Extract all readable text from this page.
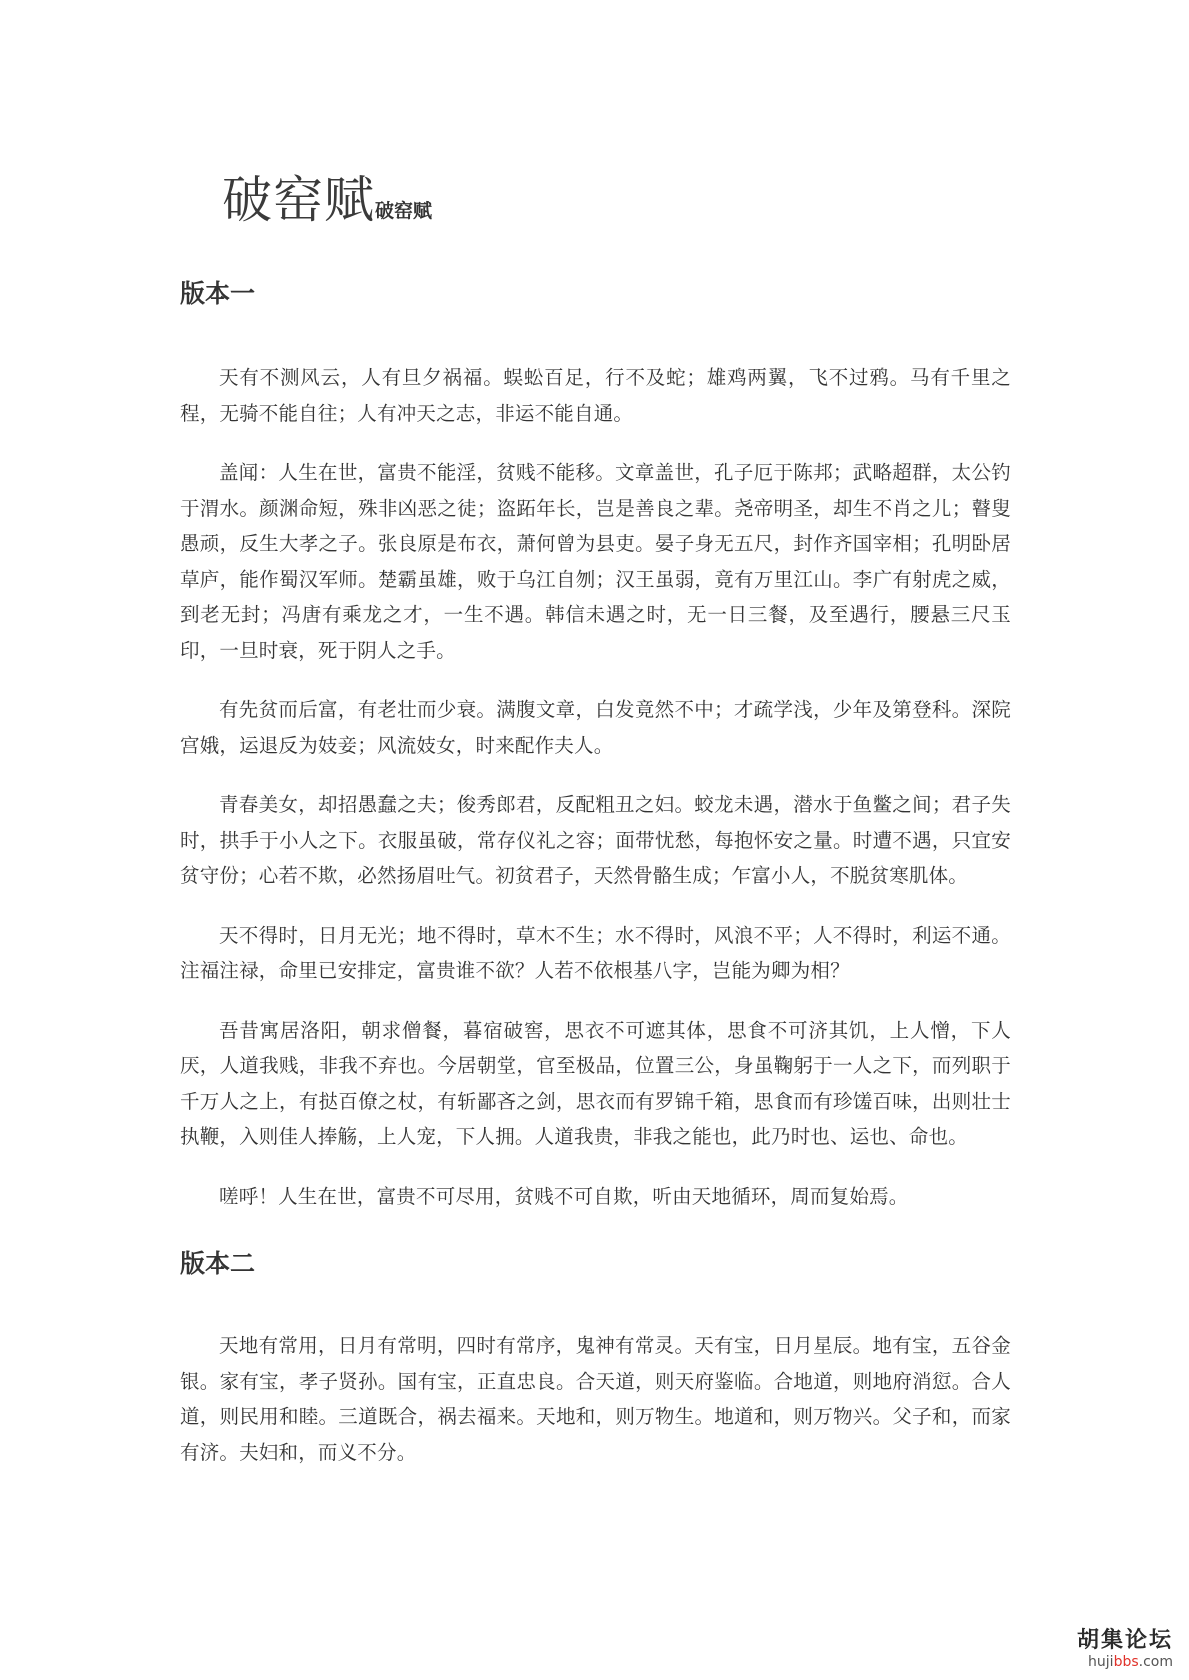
破窑赋破窑赋
版本一

天有不测风云，人有旦夕祸福。蜈蚣百足，行不及蛇；雄鸡两翼，飞不过鸦。马有千里之程，无骑不能自往；人有冲天之志，非运不能自通。

盖闻：人生在世，富贵不能淫，贫贱不能移。文章盖世，孔子厄于陈邦；武略超群，太公钓于渭水。颜渊命短，殊非凶恶之徒；盗跖年长，岂是善良之辈。尧帝明圣，却生不肖之儿；瞽叟愚顽，反生大孝之子。张良原是布衣，萧何曾为县吏。晏子身无五尺，封作齐国宰相；孔明卧居草庐，能作蜀汉军师。楚霸虽雄，败于乌江自刎；汉王虽弱，竟有万里江山。李广有射虎之威，到老无封；冯唐有乘龙之才，一生不遇。韩信未遇之时，无一日三餐，及至遇行，腰悬三尺玉印，一旦时衰，死于阴人之手。

有先贫而后富，有老壮而少衰。满腹文章，白发竟然不中；才疏学浅，少年及第登科。深院宫娥，运退反为妓妾；风流妓女，时来配作夫人。

青春美女，却招愚蠢之夫；俊秀郎君，反配粗丑之妇。蛟龙未遇，潜水于鱼鳖之间；君子失时，拱手于小人之下。衣服虽破，常存仪礼之容；面带忧愁，每抱怀安之量。时遭不遇，只宜安贫守份；心若不欺，必然扬眉吐气。初贫君子，天然骨骼生成；乍富小人，不脱贫寒肌体。

天不得时，日月无光；地不得时，草木不生；水不得时，风浪不平；人不得时，利运不通。注福注禄，命里已安排定，富贵谁不欲？人若不依根基八字，岂能为卿为相？

吾昔寓居洛阳，朝求僧餐，暮宿破窖，思衣不可遮其体，思食不可济其饥，上人憎，下人厌，人道我贱，非我不弃也。今居朝堂，官至极品，位置三公，身虽鞠躬于一人之下，而列职于千万人之上，有挞百僚之杖，有斩鄙吝之剑，思衣而有罗锦千箱，思食而有珍馐百味，出则壮士执鞭，入则佳人捧觞，上人宠，下人拥。人道我贵，非我之能也，此乃时也、运也、命也。

嗟呼！人生在世，富贵不可尽用，贫贱不可自欺，听由天地循环，周而复始焉。

版本二

天地有常用，日月有常明，四时有常序，鬼神有常灵。天有宝，日月星辰。地有宝，五谷金银。家有宝，孝子贤孙。国有宝，正直忠良。合天道，则天府鉴临。合地道，则地府消愆。合人道，则民用和睦。三道既合，祸去福来。天地和，则万物生。地道和，则万物兴。父子和，而家有济。夫妇和，而义不分。

胡集论坛
hujibbs.com
